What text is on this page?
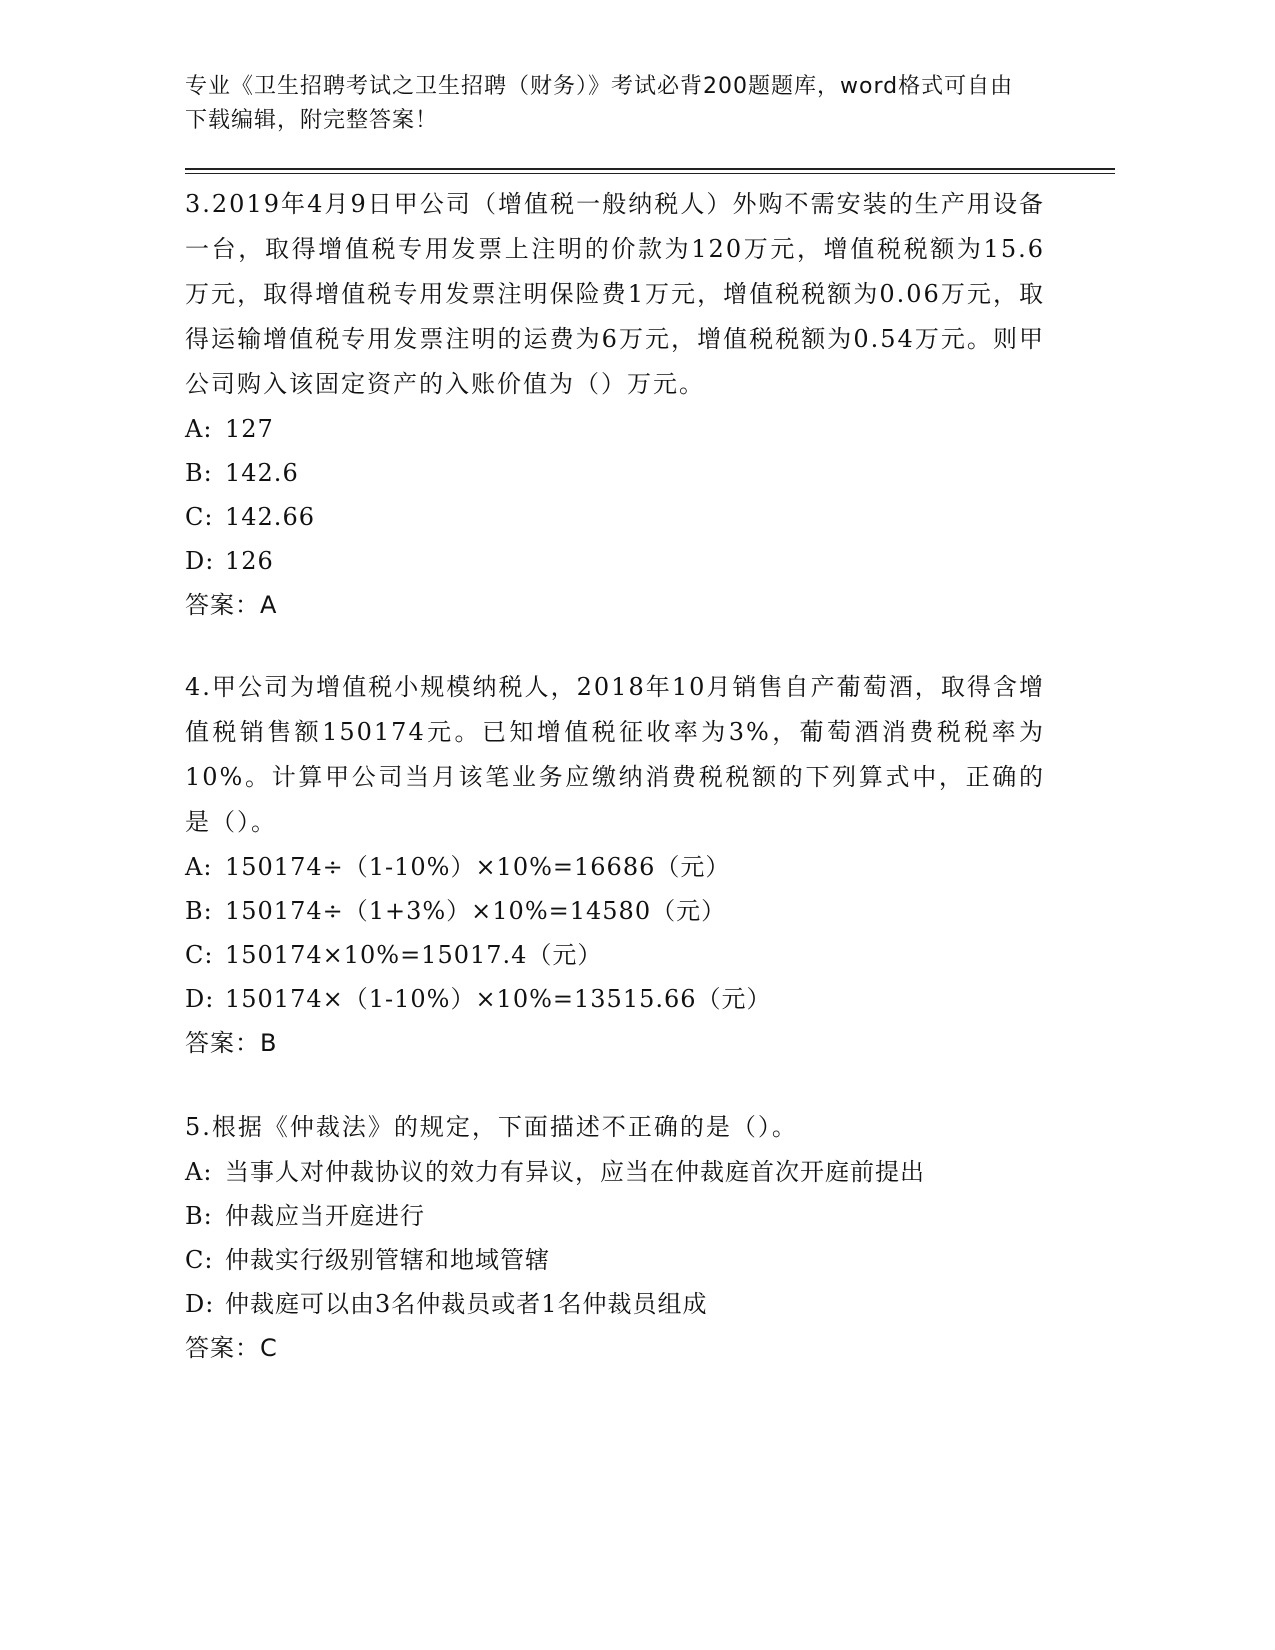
专业《卫生招聘考试之卫生招聘（财务）》考试必背200题题库，word格式可自由下载编辑，附完整答案！

3.2019年4月9日甲公司（增值税一般纳税人）外购不需安装的生产用设备一台，取得增值税专用发票上注明的价款为120万元，增值税税额为15.6万元，取得增值税专用发票注明保险费1万元，增值税税额为0.06万元，取得运输增值税专用发票注明的运费为6万元，增值税税额为0.54万元。则甲公司购入该固定资产的入账价值为（）万元。

A: 127

B: 142.6

C: 142.66

D: 126

答案：A

4.甲公司为增值税小规模纳税人，2018年10月销售自产葡萄酒，取得含增值税销售额150174元。已知增值税征收率为3%，葡萄酒消费税税率为10%。计算甲公司当月该笔业务应缴纳消费税税额的下列算式中，正确的是（）。

A: 150174÷（1-10%）×10%=16686（元）

B: 150174÷（1+3%）×10%=14580（元）

C: 150174×10%=15017.4（元）

D: 150174×（1-10%）×10%=13515.66（元）

答案：B

5.根据《仲裁法》的规定，下面描述不正确的是（）。

A: 当事人对仲裁协议的效力有异议，应当在仲裁庭首次开庭前提出

B: 仲裁应当开庭进行

C: 仲裁实行级别管辖和地域管辖

D: 仲裁庭可以由3名仲裁员或者1名仲裁员组成

答案：C
